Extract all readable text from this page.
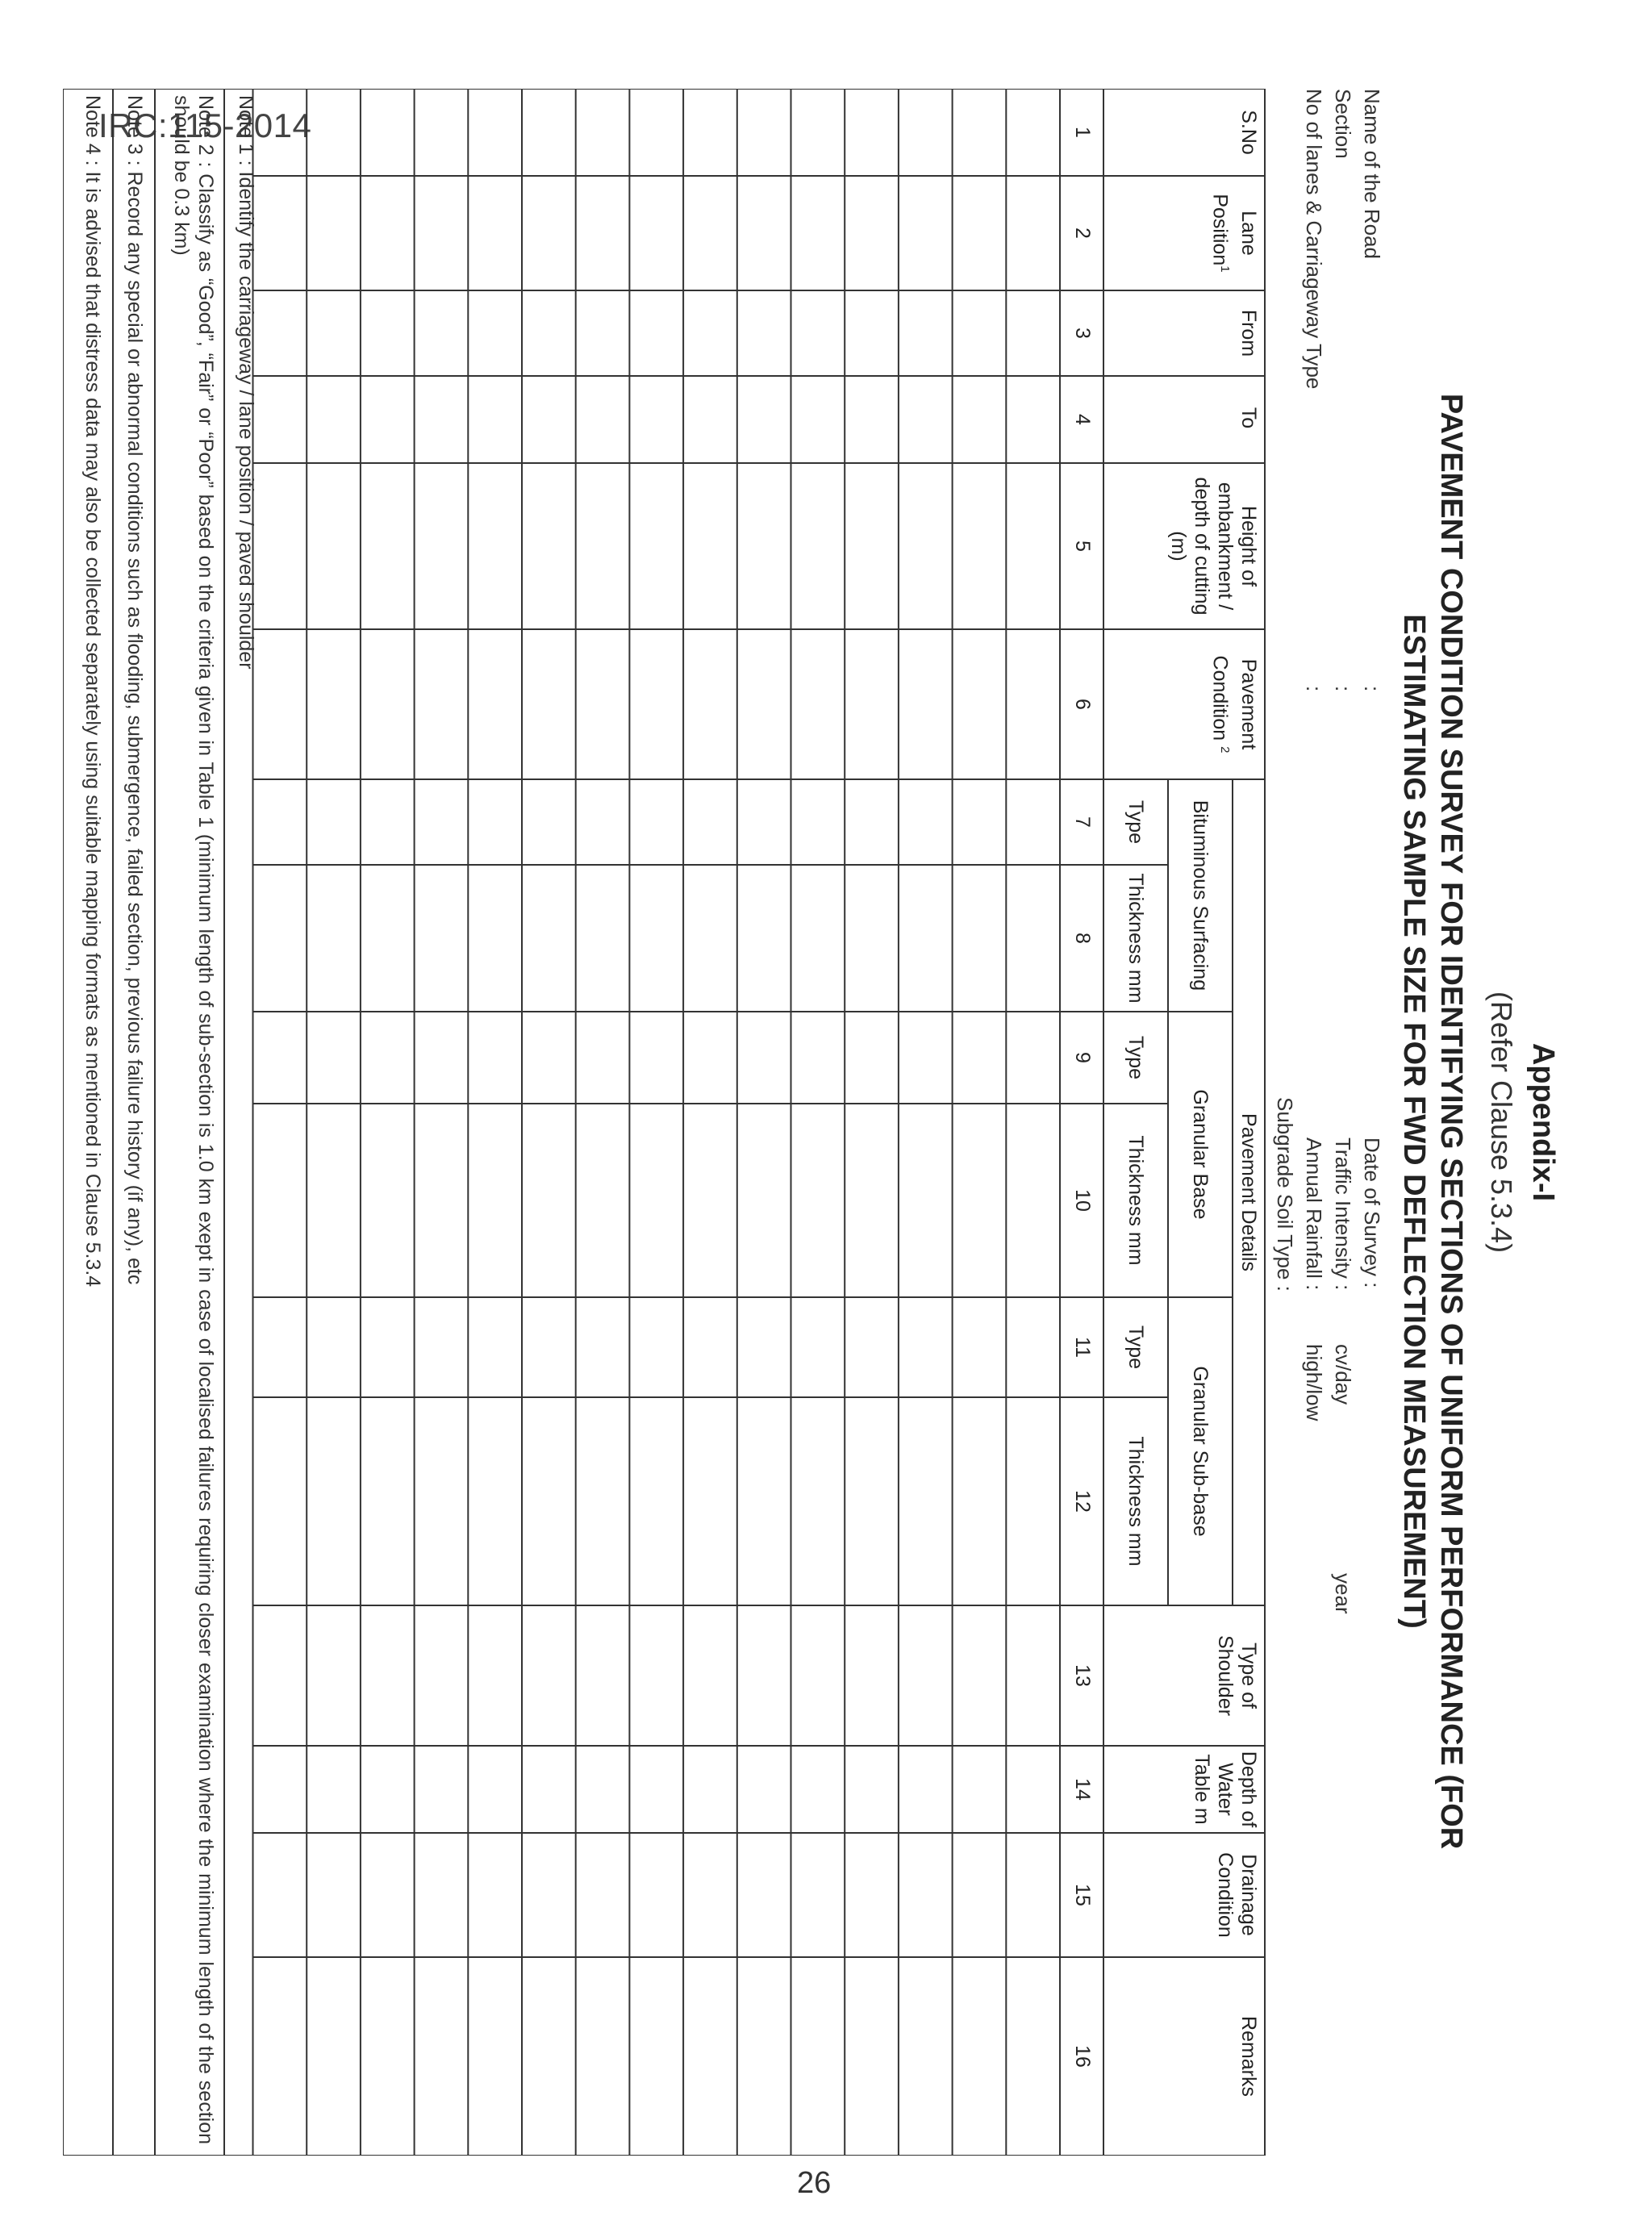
IRC:115-2014
Appendix-I
(Refer Clause 5.3.4)
PAVEMENT CONDITION SURVEY FOR IDENTIFYING SECTIONS OF UNIFORM PERFORMANCE (FOR ESTIMATING SAMPLE SIZE FOR FWD DEFLECTION MEASUREMENT)
Name of the Road
:
Section
:
No of lanes & Carriageway Type
:
Date of Survey :
Traffic Intensity :
cv/day
year
Annual Rainfall :
high/low
Subgrade Soil Type :
S.No
Lane Position$^1$
From
To
Height of embankment / depth of cutting (m)
Pavement Condition $^2$
Pavement Details
Bituminous Surfacing
Granular Base
Granular Sub-base
Type
Thickness mm
Type
Thickness mm
Type
Thickness mm
Type of Shoulder
Depth of Water Table m
Drainage Condition
Remarks
1
2
3
4
5
6
7
8
9
10
11
12
13
14
15
16
Note 1 : Identify the carriageway / lane position / paved shoulder
Note 2 : Classify as “Good”, “Fair” or “Poor” based on the criteria given in Table 1 (minimum length of sub-section is 1.0 km exept in case of localised failures requiring closer examination where the minimum length of the section should be 0.3 km)
Note 3 : Record any special or abnormal conditions such as flooding, submergence, failed section, previous failure history (if any), etc
Note 4 : It is advised that distress data may also be collected separately using suitable mapping formats as mentioned in Clause 5.3.4
26
